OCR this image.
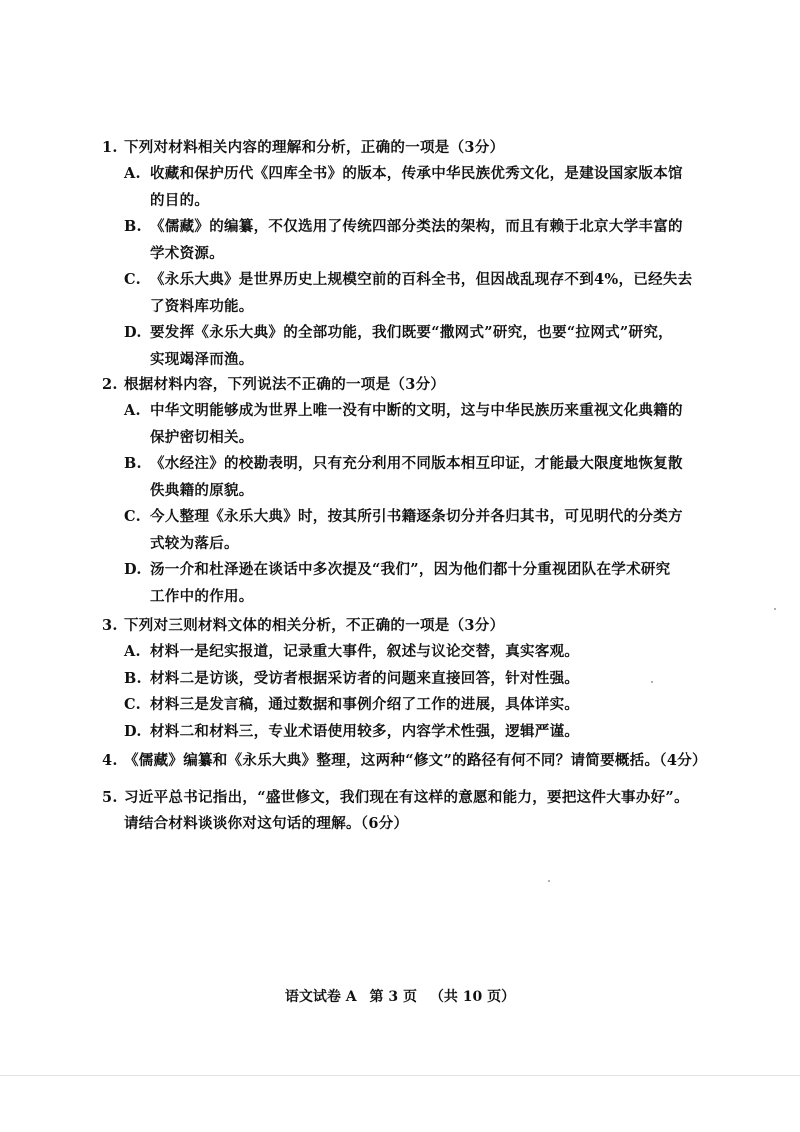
1. 下列对材料相关内容的理解和分析，正确的一项是（3分）
A. 收藏和保护历代《四库全书》的版本，传承中华民族优秀文化，是建设国家版本馆
的目的。
B. 《儒藏》的编纂，不仅选用了传统四部分类法的架构，而且有赖于北京大学丰富的
学术资源。
C. 《永乐大典》是世界历史上规模空前的百科全书，但因战乱现存不到4%，已经失去
了资料库功能。
D. 要发挥《永乐大典》的全部功能，我们既要“撒网式”研究，也要“拉网式”研究，
实现竭泽而渔。
2. 根据材料内容，下列说法不正确的一项是（3分）
A. 中华文明能够成为世界上唯一没有中断的文明，这与中华民族历来重视文化典籍的
保护密切相关。
B. 《水经注》的校勘表明，只有充分利用不同版本相互印证，才能最大限度地恢复散
佚典籍的原貌。
C. 今人整理《永乐大典》时，按其所引书籍逐条切分并各归其书，可见明代的分类方
式较为落后。
D. 汤一介和杜泽逊在谈话中多次提及“我们”，因为他们都十分重视团队在学术研究
工作中的作用。
3. 下列对三则材料文体的相关分析，不正确的一项是（3分）
A. 材料一是纪实报道，记录重大事件，叙述与议论交替，真实客观。
B. 材料二是访谈，受访者根据采访者的问题来直接回答，针对性强。
C. 材料三是发言稿，通过数据和事例介绍了工作的进展，具体详实。
D. 材料二和材料三，专业术语使用较多，内容学术性强，逻辑严谨。
4. 《儒藏》编纂和《永乐大典》整理，这两种“修文”的路径有何不同？请简要概括。（4分）
5. 习近平总书记指出，“盛世修文，我们现在有这样的意愿和能力，要把这件大事办好”。
请结合材料谈谈你对这句话的理解。（6分）
语文试卷 A 第 3 页 （共 10 页）
